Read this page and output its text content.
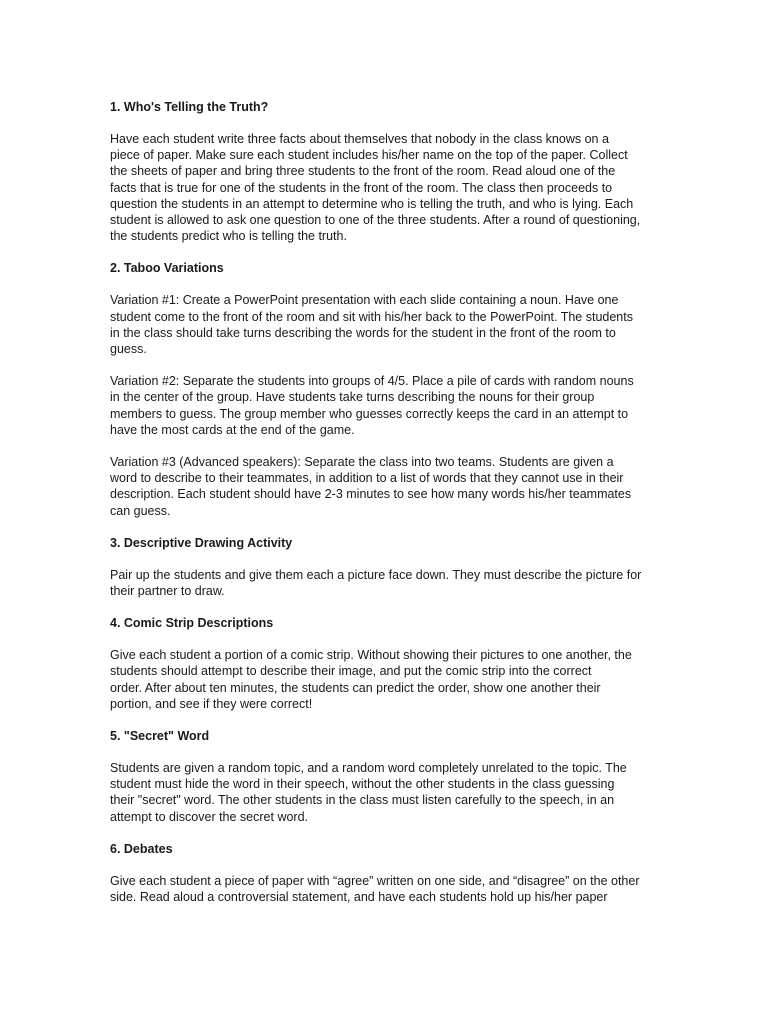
1. Who's Telling the Truth?
Have each student write three facts about themselves that nobody in the class knows on a
piece of paper. Make sure each student includes his/her name on the top of the paper. Collect
the sheets of paper and bring three students to the front of the room. Read aloud one of the
facts that is true for one of the students in the front of the room. The class then proceeds to
question the students in an attempt to determine who is telling the truth, and who is lying. Each
student is allowed to ask one question to one of the three students. After a round of questioning,
the students predict who is telling the truth.
2. Taboo Variations
Variation #1: Create a PowerPoint presentation with each slide containing a noun. Have one
student come to the front of the room and sit with his/her back to the PowerPoint. The students
in the class should take turns describing the words for the student in the front of the room to
guess.
Variation #2: Separate the students into groups of 4/5. Place a pile of cards with random nouns
in the center of the group. Have students take turns describing the nouns for their group
members to guess. The group member who guesses correctly keeps the card in an attempt to
have the most cards at the end of the game.
Variation #3 (Advanced speakers): Separate the class into two teams. Students are given a
word to describe to their teammates, in addition to a list of words that they cannot use in their
description. Each student should have 2-3 minutes to see how many words his/her teammates
can guess.
3. Descriptive Drawing Activity
Pair up the students and give them each a picture face down. They must describe the picture for
their partner to draw.
4. Comic Strip Descriptions
Give each student a portion of a comic strip. Without showing their pictures to one another, the
students should attempt to describe their image, and put the comic strip into the correct
order. After about ten minutes, the students can predict the order, show one another their
portion, and see if they were correct!
5. "Secret" Word
Students are given a random topic, and a random word completely unrelated to the topic. The
student must hide the word in their speech, without the other students in the class guessing
their "secret" word. The other students in the class must listen carefully to the speech, in an
attempt to discover the secret word.
6. Debates
Give each student a piece of paper with “agree” written on one side, and “disagree” on the other
side. Read aloud a controversial statement, and have each students hold up his/her paper
